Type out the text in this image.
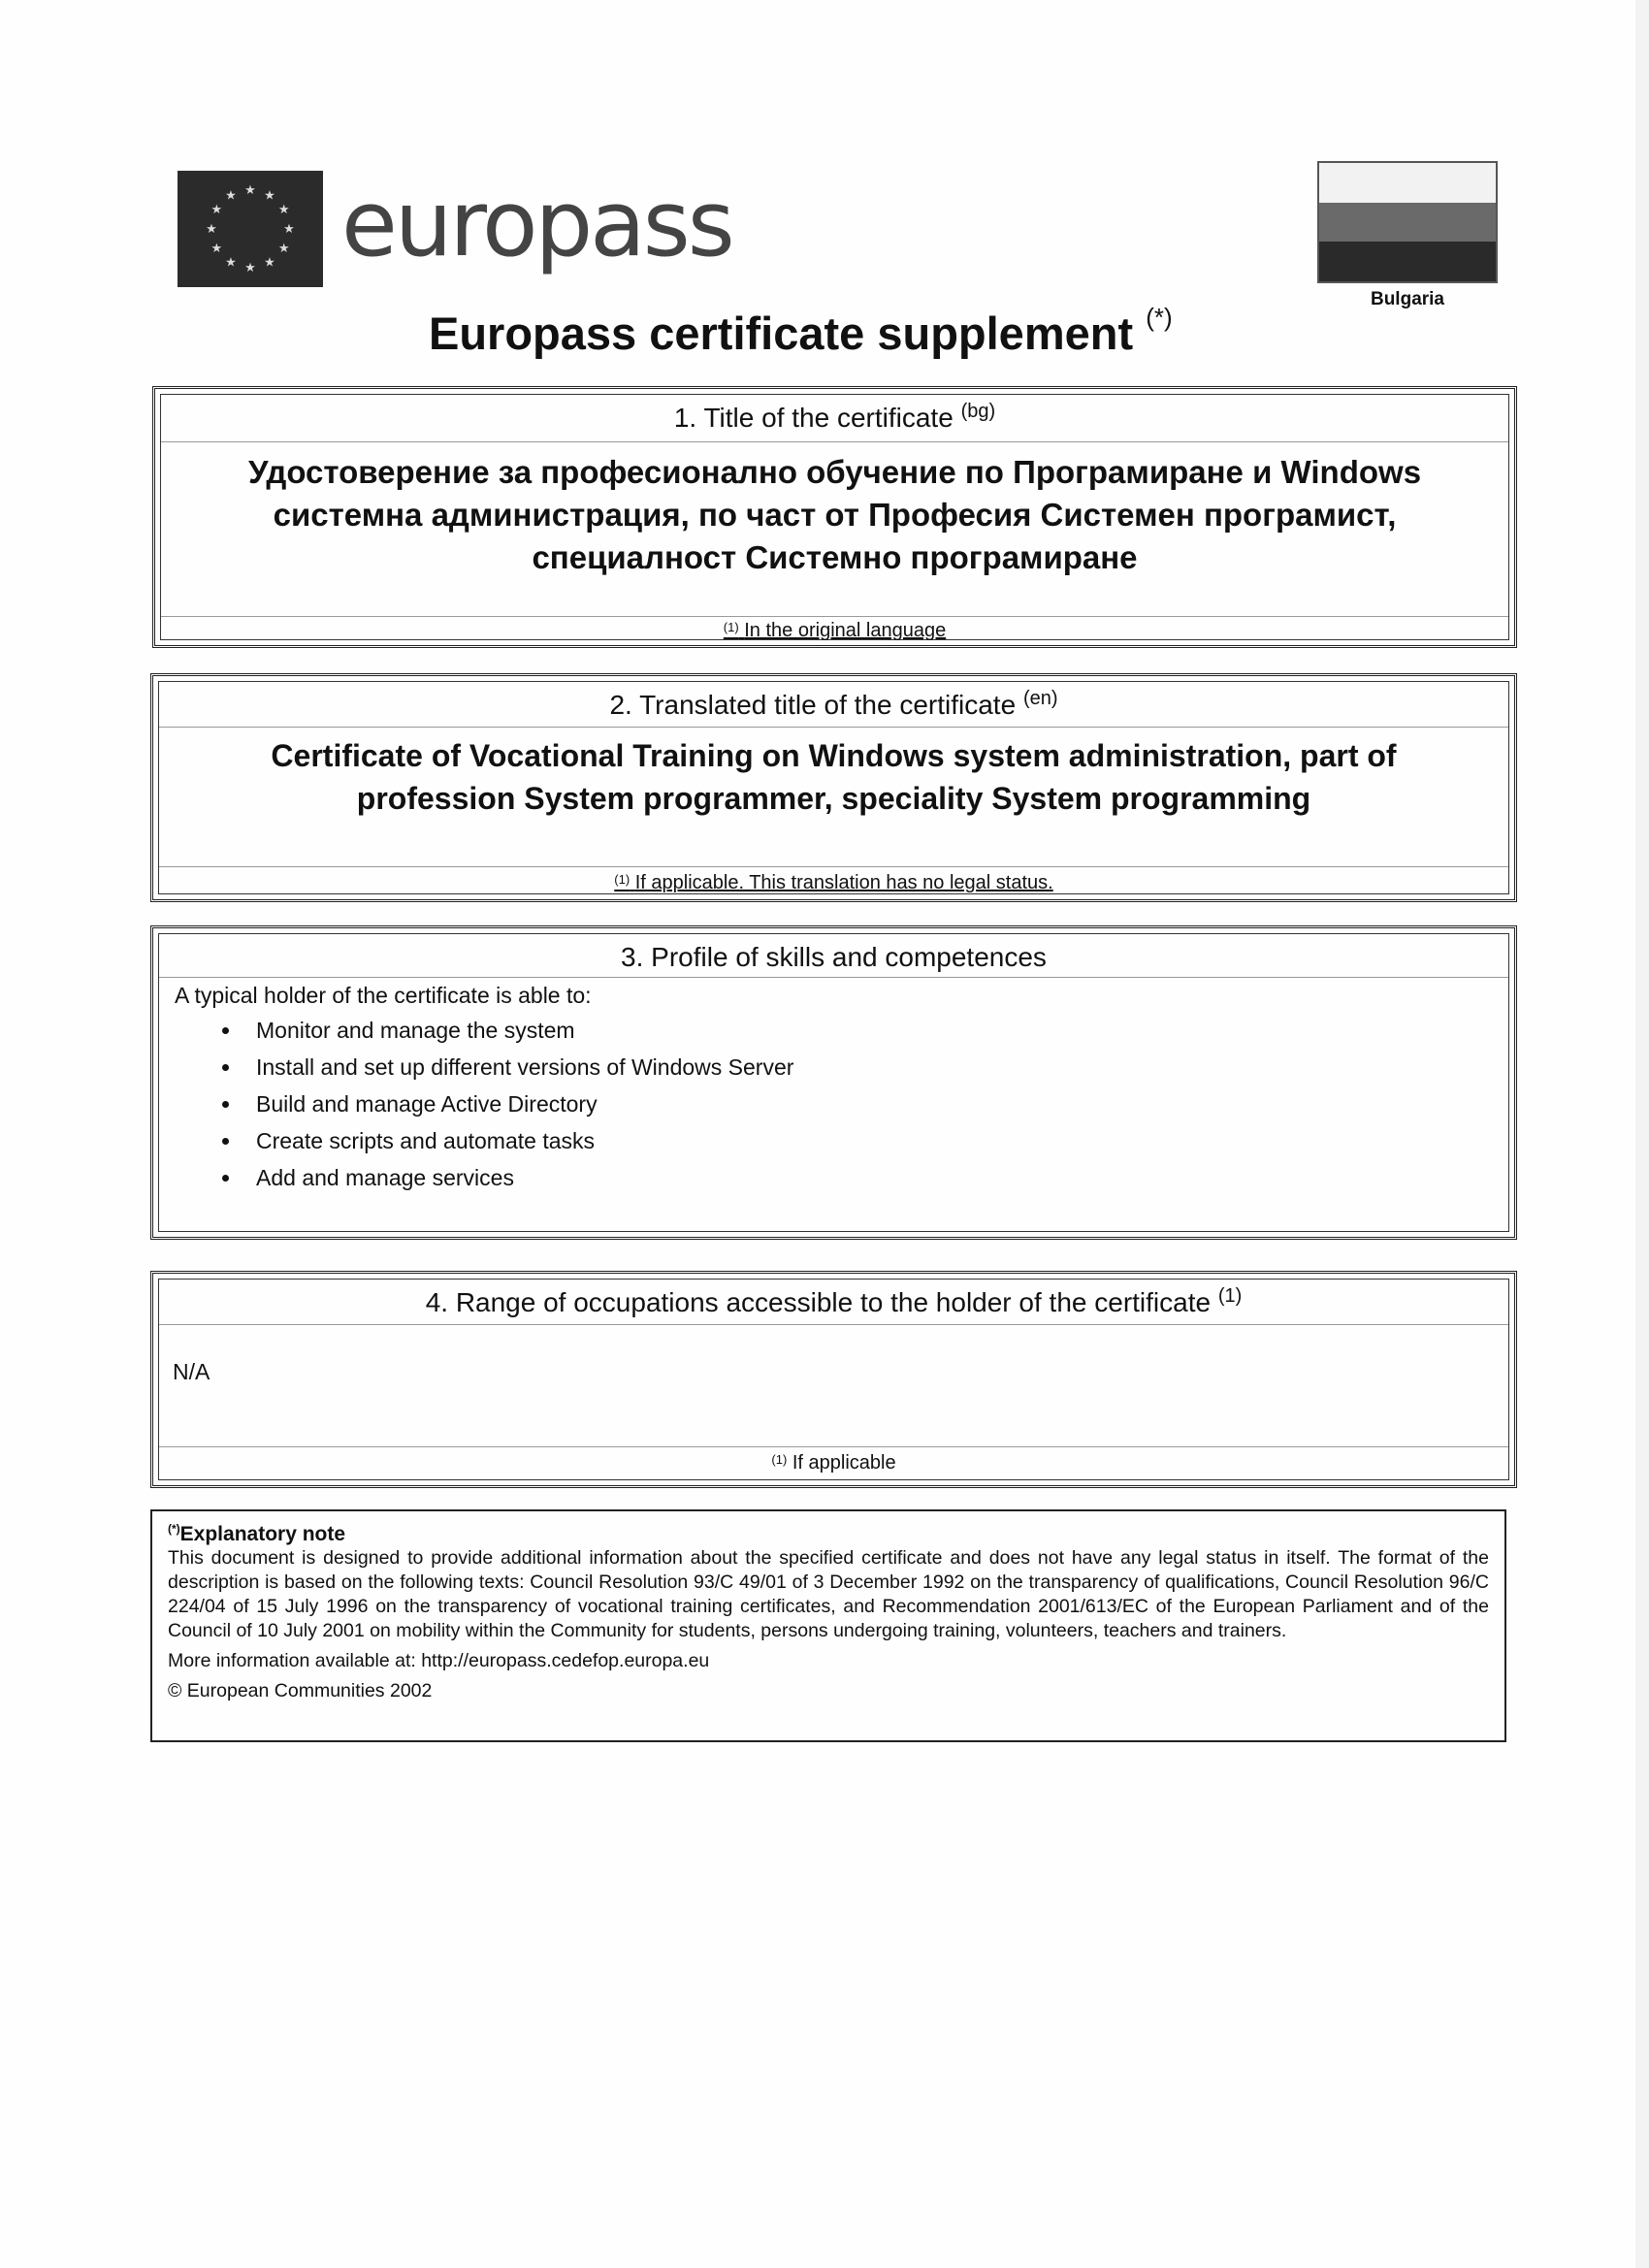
★
★
★
★
★
★
★
★
★ ★ ★
★ europass
Bulgaria
Europass certificate supplement (*)
1. Title of the certificate $^{(bg)}$
Удостоверение за професионално обучение по Програмиране и Windows
системна администрация, по част от Професия Системен програмист,
специалност Системно програмиране
$^{(1)}$ In the original language
2. Translated title of the certificate $^{(en)}$
Certificate of Vocational Training on Windows system administration, part of
profession System programmer, speciality System programming
$^{(1)}$ If applicable. This translation has no legal status.
3. Profile of skills and competences
A typical holder of the certificate is able to:
• Monitor and manage the system
• Install and set up different versions of Windows Server
• Build and manage Active Directory
• Create scripts and automate tasks
• Add and manage services
4. Range of occupations accessible to the holder of the certificate $^{(1)}$
N/A
$^{(1)}$ If applicable
(*)Explanatory note

This document is designed to provide additional information about the specified certificate and does not have any legal status in itself. The format of the description is based on the following texts: Council Resolution 93/C 49/01 of 3 December 1992 on the transparency of qualifications, Council Resolution 96/C 224/04 of 15 July 1996 on the transparency of vocational training certificates, and Recommendation 2001/613/EC of the European Parliament and of the Council of 10 July 2001 on mobility within the Community for students, persons undergoing training, volunteers, teachers and trainers.

More information available at: http://europass.cedefop.europa.eu

© European Communities 2002
